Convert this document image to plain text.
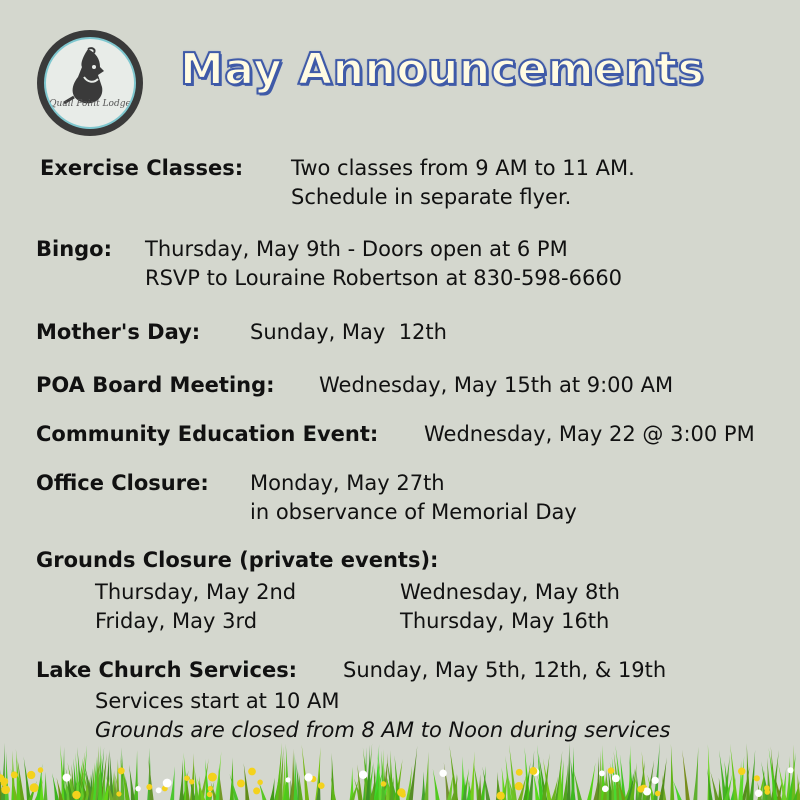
Quail Point Lodge
May Announcements
Exercise Classes: Two classes from 9 AM to 11 AM.
Schedule in separate flyer.
Bingo: Thursday, May 9th - Doors open at 6 PM
RSVP to Louraine Robertson at 830-598-6660
Mother's Day: Sunday, May  12th
POA Board Meeting: Wednesday, May 15th at 9:00 AM
Community Education Event: Wednesday, May 22 @ 3:00 PM
Office Closure: Monday, May 27th
in observance of Memorial Day
Grounds Closure (private events):
Thursday, May 2nd
Friday, May 3rd
Wednesday, May 8th
Thursday, May 16th
Lake Church Services: Sunday, May 5th, 12th, & 19th
Services start at 10 AM
Grounds are closed from 8 AM to Noon during services
